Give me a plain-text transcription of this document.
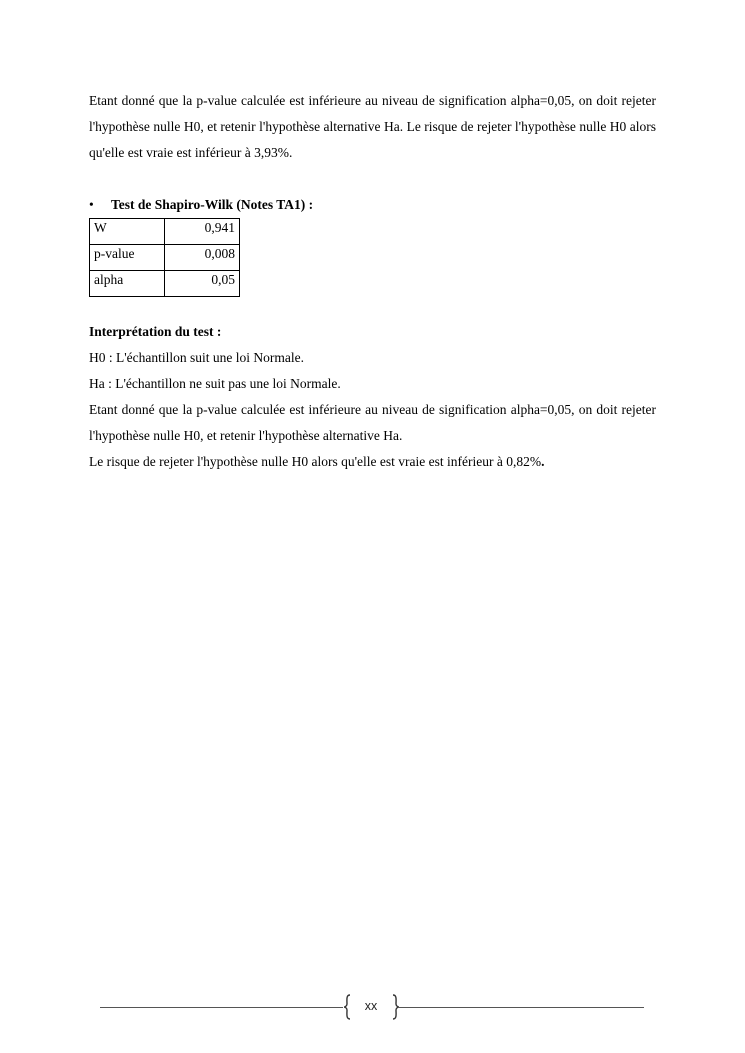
Etant donné que la p-value calculée est inférieure au niveau de signification alpha=0,05, on doit rejeter l'hypothèse nulle H0, et retenir l'hypothèse alternative Ha. Le risque de rejeter l'hypothèse nulle H0 alors qu'elle est vraie est inférieur à 3,93%.

•	Test de Shapiro-Wilk (Notes TA1) :
W	0,941
p-value	0,008
alpha	0,05

Interprétation du test :

H0 : L'échantillon suit une loi Normale.

Ha : L'échantillon ne suit pas une loi Normale.

Etant donné que la p-value calculée est inférieure au niveau de signification alpha=0,05, on doit rejeter l'hypothèse nulle H0, et retenir l'hypothèse alternative Ha.

Le risque de rejeter l'hypothèse nulle H0 alors qu'elle est vraie est inférieur à 0,82%.

xx
